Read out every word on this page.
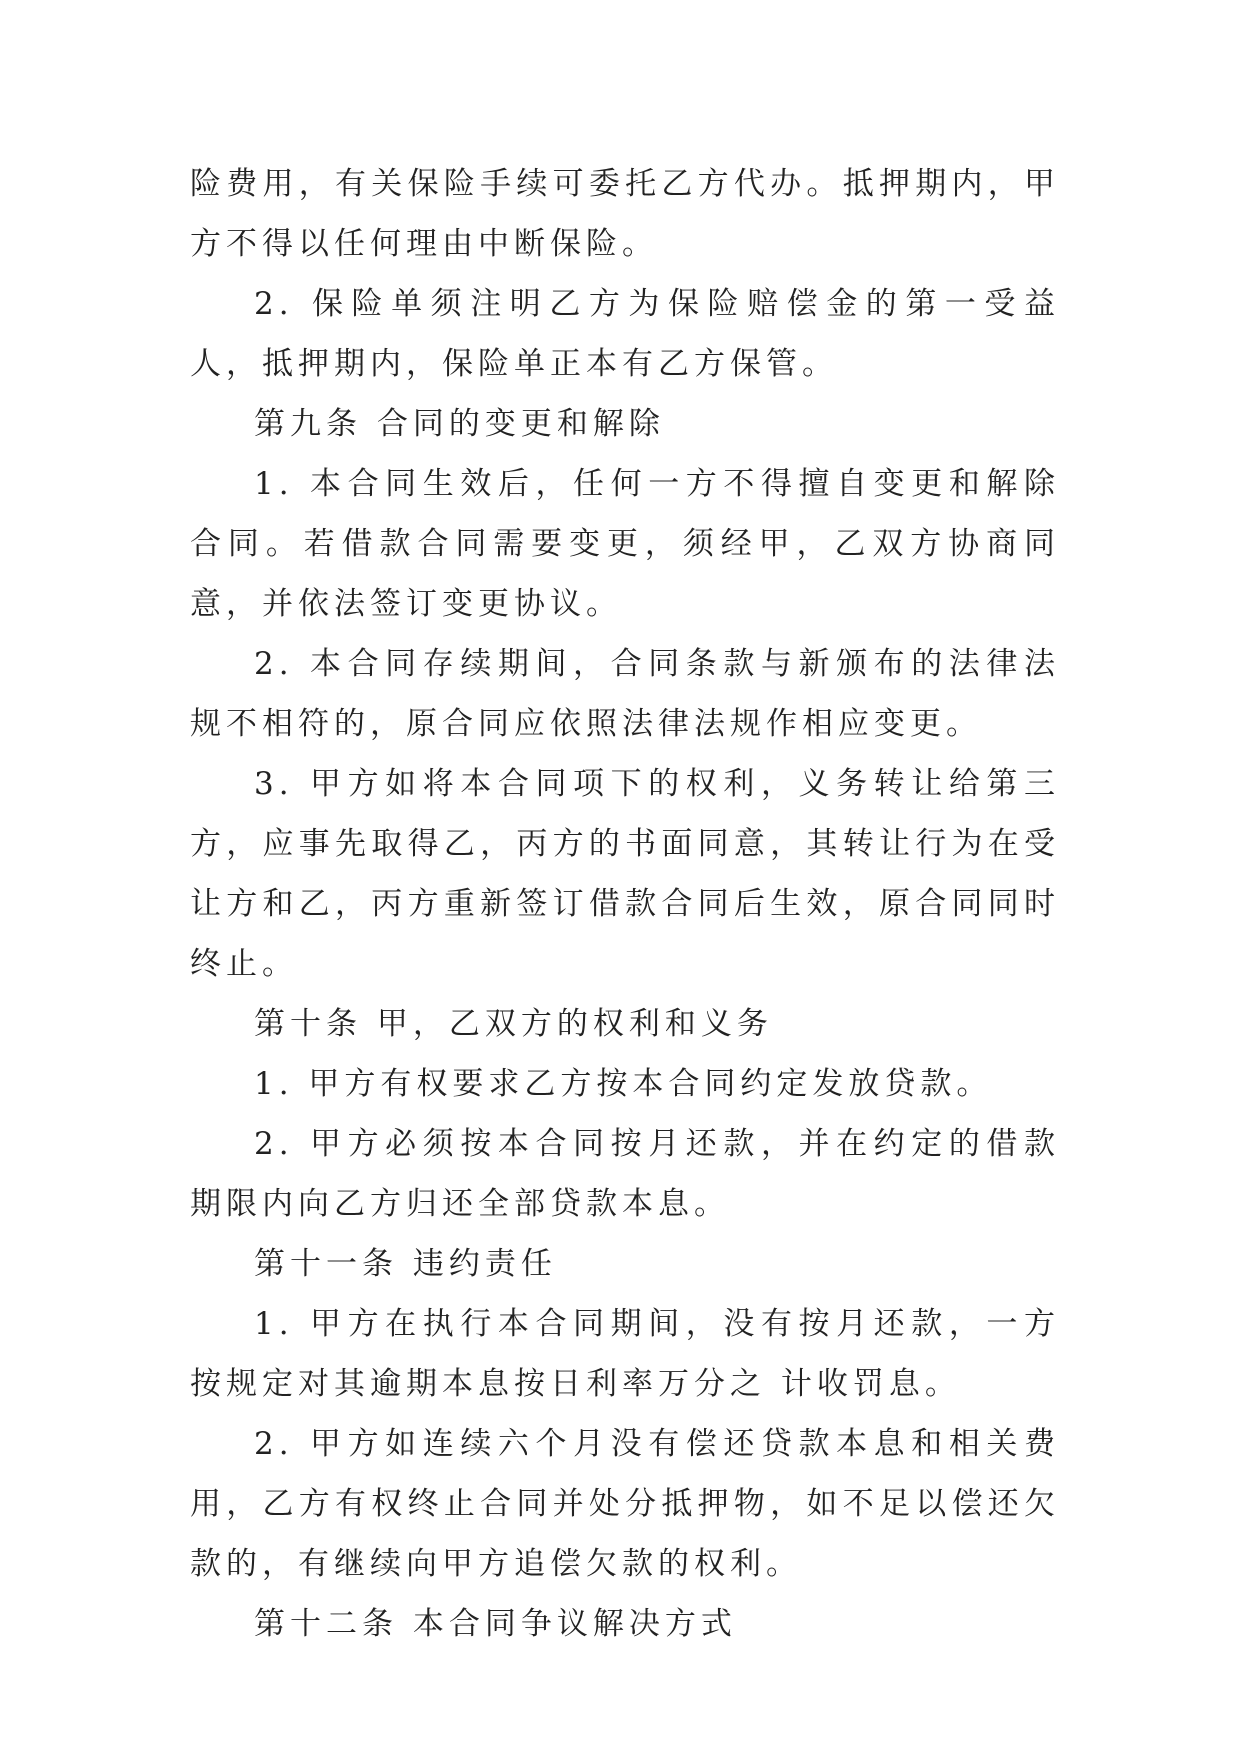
险费用，有关保险手续可委托乙方代办。抵押期内，甲方不得以任何理由中断保险。

2. 保险单须注明乙方为保险赔偿金的第一受益人，抵押期内，保险单正本有乙方保管。

第九条 合同的变更和解除

1. 本合同生效后，任何一方不得擅自变更和解除合同。若借款合同需要变更，须经甲，乙双方协商同意，并依法签订变更协议。

2. 本合同存续期间，合同条款与新颁布的法律法规不相符的，原合同应依照法律法规作相应变更。

3. 甲方如将本合同项下的权利，义务转让给第三方，应事先取得乙，丙方的书面同意，其转让行为在受让方和乙，丙方重新签订借款合同后生效，原合同同时终止。

第十条 甲，乙双方的权利和义务

1. 甲方有权要求乙方按本合同约定发放贷款。

2. 甲方必须按本合同按月还款，并在约定的借款期限内向乙方归还全部贷款本息。

第十一条 违约责任

1. 甲方在执行本合同期间，没有按月还款，一方按规定对其逾期本息按日利率万分之 计收罚息。

2. 甲方如连续六个月没有偿还贷款本息和相关费用，乙方有权终止合同并处分抵押物，如不足以偿还欠款的，有继续向甲方追偿欠款的权利。

第十二条 本合同争议解决方式
